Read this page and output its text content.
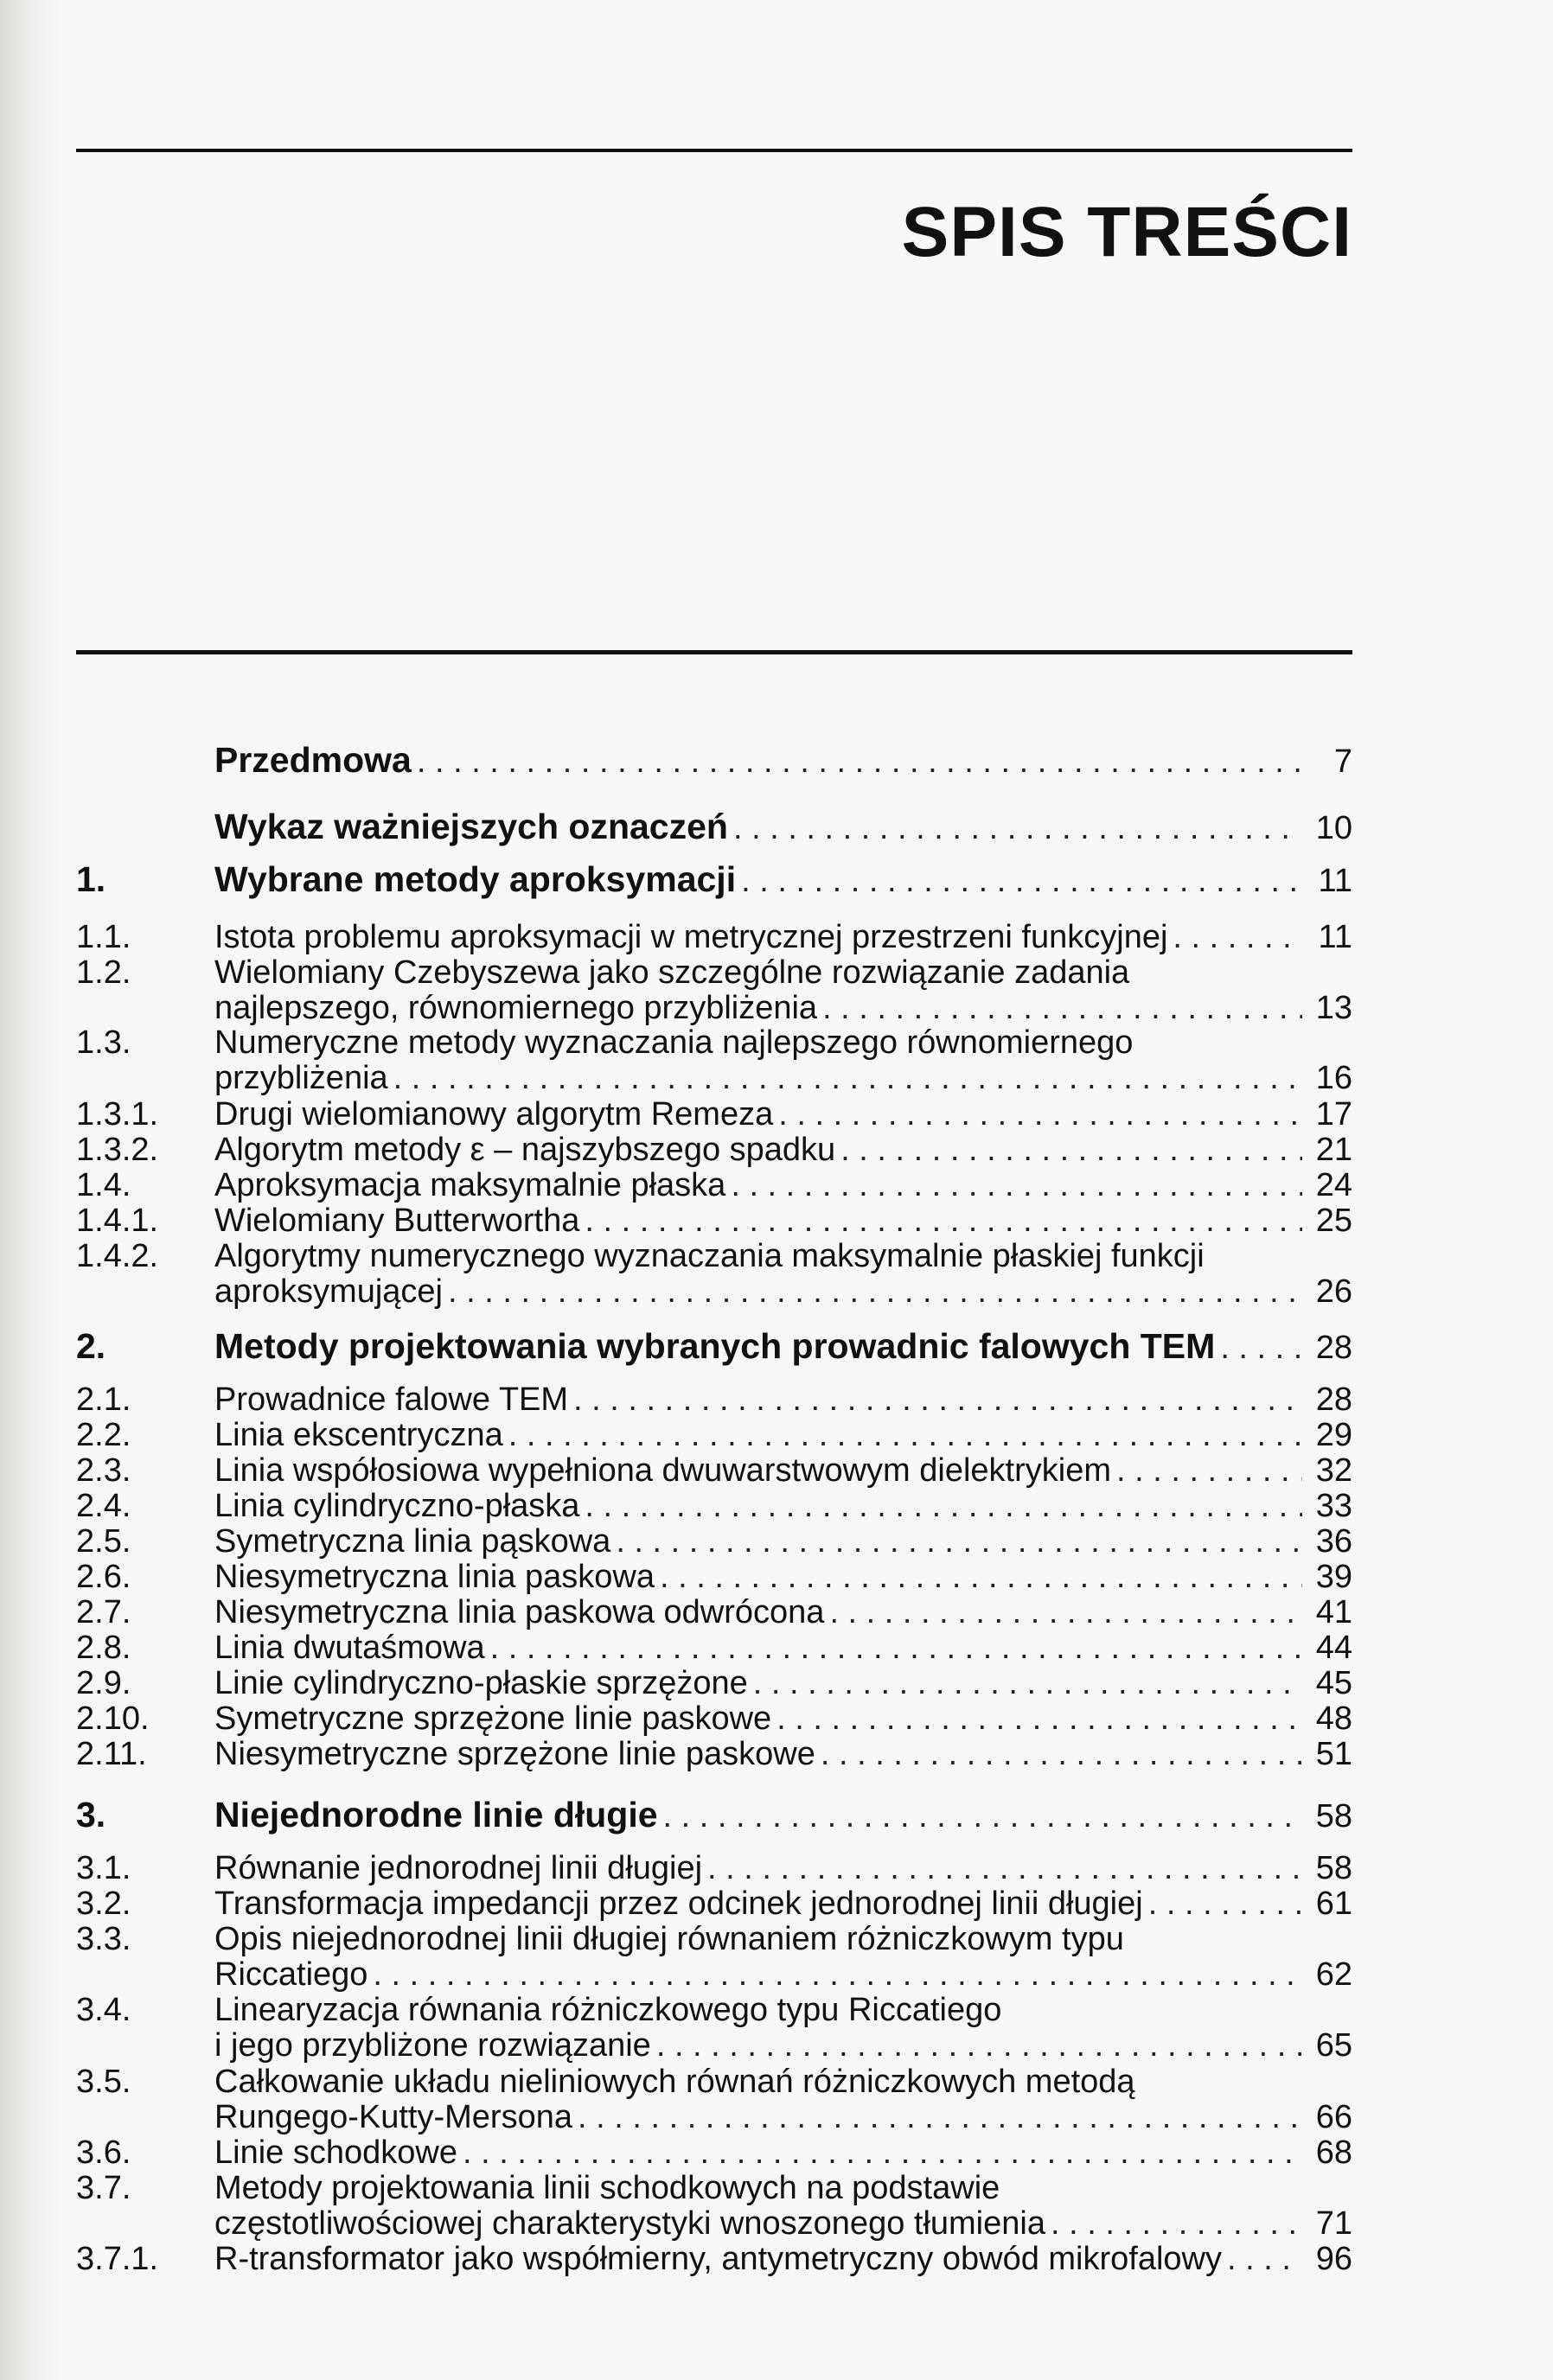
SPIS TREŚCI
Przedmowa . . .	7
Wykaz ważniejszych oznaczeń . . .	10
1.	Wybrane metody aproksymacji . . .	11
1.1.	Istota problemu aproksymacji w metrycznej przestrzeni funkcyjnej . . .	11
1.2.	Wielomiany Czebyszewa jako szczególne rozwiązanie zadania
najlepszego, równomiernego przybliżenia . . .	13
1.3.	Numeryczne metody wyznaczania najlepszego równomiernego
przybliżenia . . .	16
1.3.1. Drugi wielomianowy algorytm Remeza . . .	17
1.3.2. Algorytm metody ε – najszybszego spadku . . .	21
1.4.	Aproksymacja maksymalnie płaska . . .	24
1.4.1. Wielomiany Butterwortha . . .	25
1.4.2. Algorytmy numerycznego wyznaczania maksymalnie płaskiej funkcji
aproksymującej . . .	26
2.	Metody projektowania wybranych prowadnic falowych TEM . . .	28
2.1.	Prowadnice falowe TEM . . .	28
2.2.	Linia ekscentryczna . . .	29
2.3.	Linia współosiowa wypełniona dwuwarstwowym dielektrykiem . . .	32
2.4.	Linia cylindryczno-płaska . . .	33
2.5.	Symetryczna linia pąskowa . . .	36
2.6.	Niesymetryczna linia paskowa . . .	39
2.7.	Niesymetryczna linia paskowa odwrócona . . .	41
2.8.	Linia dwutaśmowa . . .	44
2.9.	Linie cylindryczno-płaskie sprzężone . . .	45
2.10. Symetryczne sprzężone linie paskowe . . .	48
2.11. Niesymetryczne sprzężone linie paskowe . . .	51
3.	Niejednorodne linie długie . . .	58
3.1.	Równanie jednorodnej linii długiej . . .	58
3.2.	Transformacja impedancji przez odcinek jednorodnej linii długiej . . .	61
3.3.	Opis niejednorodnej linii długiej równaniem różniczkowym typu
Riccatiego . . .	62
3.4.	Linearyzacja równania różniczkowego typu Riccatiego
i jego przybliżone rozwiązanie . . .	65
3.5.	Całkowanie układu nieliniowych równań różniczkowych metodą
Rungego-Kutty-Mersona . . .	66
3.6.	Linie schodkowe . . .	68
3.7.	Metody projektowania linii schodkowych na podstawie
częstotliwościowej charakterystyki wnoszonego tłumienia . . .	71
3.7.1. R-transformator jako współmierny, antymetryczny obwód mikrofalowy . . .	96
